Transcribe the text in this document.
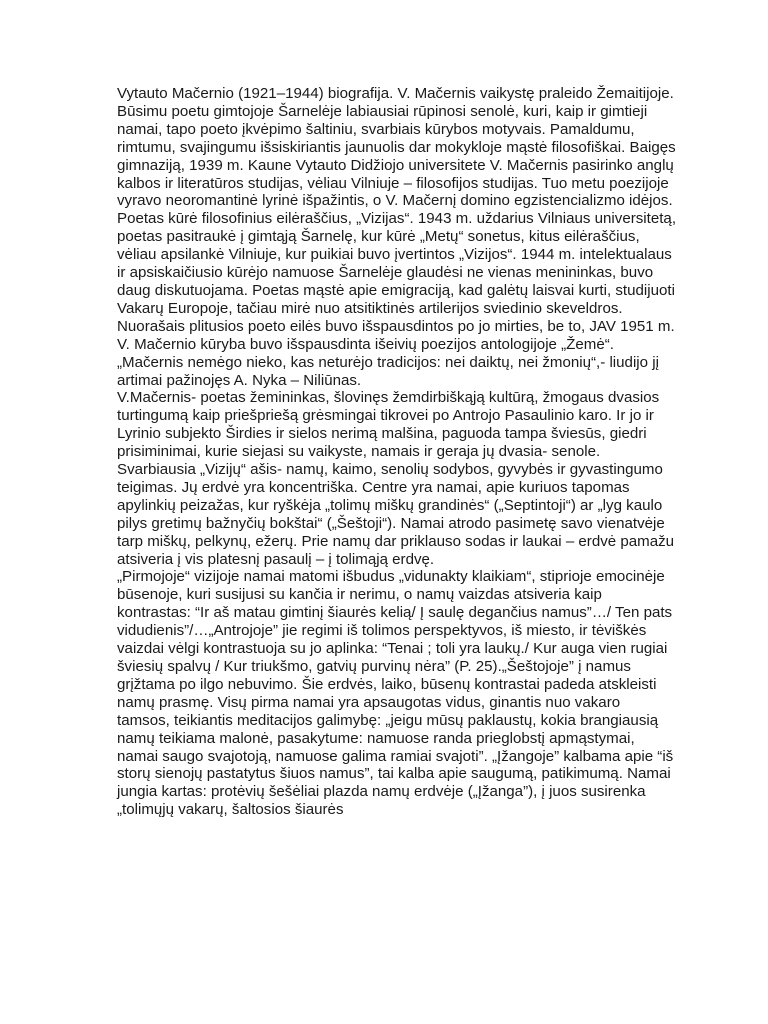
Vytauto Mačernio (1921–1944) biografija. V. Mačernis vaikystę praleido Žemaitijoje. Būsimu poetu gimtojoje Šarnelėje labiausiai rūpinosi senolė, kuri, kaip ir gimtieji namai, tapo poeto įkvėpimo šaltiniu, svarbiais kūrybos motyvais. Pamaldumu, rimtumu, svajingumu išsiskiriantis jaunuolis dar mokykloje mąstė filosofiškai. Baigęs gimnaziją, 1939 m. Kaune Vytauto Didžiojo universitete V. Mačernis pasirinko anglų kalbos ir literatūros studijas, vėliau Vilniuje – filosofijos studijas. Tuo metu poezijoje vyravo neoromantinė lyrinė išpažintis, o V. Mačernį domino egzistencializmo idėjos. Poetas kūrė filosofinius eilėraščius, „Vizijas“. 1943 m. uždarius Vilniaus universitetą, poetas pasitraukė į gimtąją Šarnelę, kur kūrė „Metų“ sonetus, kitus eilėraščius, vėliau apsilankė Vilniuje, kur puikiai buvo įvertintos „Vizijos“. 1944 m. intelektualaus ir apsiskaičiusio kūrėjo namuose Šarnelėje glaudėsi ne vienas menininkas, buvo daug diskutuojama. Poetas mąstė apie emigraciją, kad galėtų laisvai kurti, studijuoti Vakarų Europoje, tačiau mirė nuo atsitiktinės artilerijos sviedinio skeveldros. Nuorašais plitusios poeto eilės buvo išspausdintos po jo mirties, be to, JAV 1951 m. V. Mačernio kūryba buvo išspausdinta išeivių poezijos antologijoje „Žemė“. „Mačernis nemėgo nieko, kas neturėjo tradicijos: nei daiktų, nei žmonių“,- liudijo jį artimai pažinojęs A. Nyka – Niliūnas.

V.Mačernis- poetas žemininkas, šlovinęs žemdirbiškąją kultūrą, žmogaus dvasios turtingumą kaip priešpriešą grėsmingai tikrovei po Antrojo Pasaulinio karo. Ir jo ir Lyrinio subjekto Širdies ir sielos nerimą malšina, paguoda tampa šviesūs, giedri prisiminimai, kurie siejasi su vaikyste, namais ir geraja jų dvasia- senole.

Svarbiausia „Vizijų“ ašis- namų, kaimo, senolių sodybos, gyvybės ir gyvastingumo teigimas. Jų erdvė yra koncentriška. Centre yra namai, apie kuriuos tapomas apylinkių peizažas, kur ryškėja „tolimų miškų grandinės“ („Septintoji“) ar „lyg kaulo pilys gretimų bažnyčių bokštai“ („Šeštoji“). Namai atrodo pasimetę savo vienatvėje tarp miškų, pelkynų, ežerų. Prie namų dar priklauso sodas ir laukai – erdvė pamažu atsiveria į vis platesnį pasaulį – į tolimąją erdvę.

„Pirmojoje“ vizijoje namai matomi išbudus „vidunakty klaikiam“, stiprioje emocinėje būsenoje, kuri susijusi su kančia ir nerimu, o namų vaizdas atsiveria kaip kontrastas: “Ir aš matau gimtinį šiaurės kelią/ Į saulę degančius namus”…/ Ten pats vidudienis”/…„Antrojoje” jie regimi iš tolimos perspektyvos, iš miesto, ir tėviškės vaizdai vėlgi kontrastuoja su jo aplinka: “Tenai ; toli yra laukų./ Kur auga vien rugiai šviesių spalvų / Kur triukšmo, gatvių purvinų nėra” (P. 25).„Šeštojoje” į namus grįžtama po ilgo nebuvimo. Šie erdvės, laiko, būsenų kontrastai padeda atskleisti namų prasmę. Visų pirma namai yra apsaugotas vidus, ginantis nuo vakaro tamsos, teikiantis meditacijos galimybę: „jeigu mūsų paklaustų, kokia brangiausią namų teikiama malonė, pasakytume: namuose randa prieglobstį apmąstymai, namai saugo svajotoją, namuose galima ramiai svajoti”. „Įžangoje” kalbama apie “iš storų sienojų pastatytus šiuos namus”, tai kalba apie saugumą, patikimumą. Namai jungia kartas: protėvių šešėliai plazda namų erdvėje („Įžanga”), į juos susirenka „tolimųjų vakarų, šaltosios šiaurės
